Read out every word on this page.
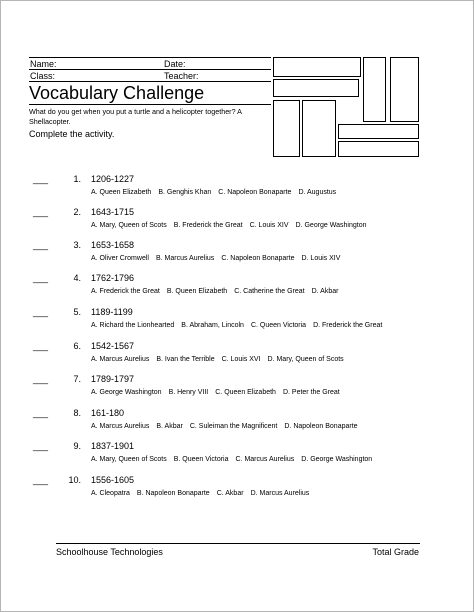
Name:	Date:
Class:	Teacher:
Vocabulary Challenge
What do you get when you put a turtle and a helicopter together? A Shellacopter.
Complete the activity.
___	1. 1206-1227
A. Queen Elizabeth B. Genghis Khan C. Napoleon Bonaparte D. Augustus
___	2. 1643-1715
A. Mary, Queen of Scots B. Frederick the Great C. Louis XIV D. George Washington
___	3. 1653-1658
A. Oliver Cromwell B. Marcus Aurelius C. Napoleon Bonaparte D. Louis XIV
___	4. 1762-1796
A. Frederick the Great B. Queen Elizabeth C. Catherine the Great D. Akbar
___	5. 1189-1199
A. Richard the Lionhearted B. Abraham, Lincoln C. Queen Victoria D. Frederick the Great
___	6. 1542-1567
A. Marcus Aurelius B. Ivan the Terrible C. Louis XVI D. Mary, Queen of Scots
___	7. 1789-1797
A. George Washington B. Henry VIII C. Queen Elizabeth D. Peter the Great
___	8. 161-180
A. Marcus Aurelius B. Akbar C. Suleiman the Magnificent D. Napoleon Bonaparte
___	9. 1837-1901
A. Mary, Queen of Scots B. Queen Victoria C. Marcus Aurelius D. George Washington
___ 10. 1556-1605
A. Cleopatra B. Napoleon Bonaparte C. Akbar D. Marcus Aurelius
Schoolhouse Technologies	Total Grade
